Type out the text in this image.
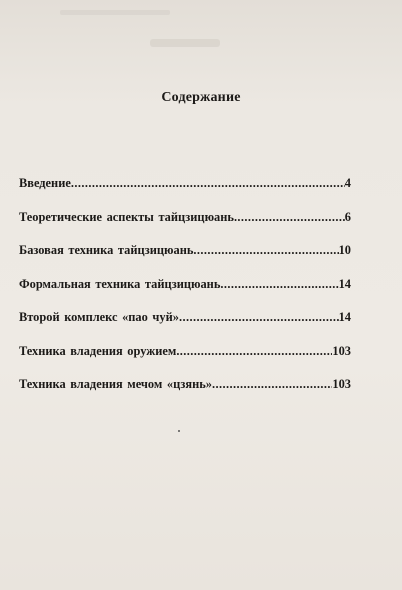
Содержание
Введение .....	4
Теоретические аспекты тайцзицюань .....	6
Базовая техника тайцзицюань .....	10
Формальная техника тайцзицюань .....	14
Второй комплекс «пао чуй» .....	14
Техника владения оружием .....	103
Техника владения мечом «цзянь» .....	103
